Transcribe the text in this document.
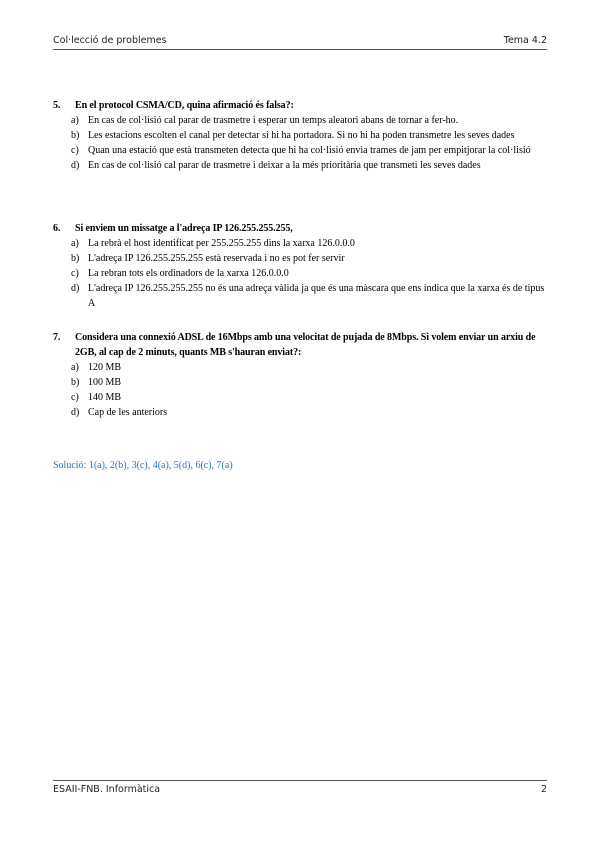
Col·lecció de problemes	Tema 4.2
5.	En el protocol CSMA/CD, quina afirmació és falsa?:
a) En cas de col·lisió cal parar de trasmetre i esperar un temps aleatori abans de tornar a fer-ho.
b) Les estacions escolten el canal per detectar si hi ha portadora. Si no hi ha poden transmetre les seves dades
c) Quan una estació que està transmeten detecta que hi ha col·lisió envia trames de jam per empitjorar la col·lisió
d) En cas de col·lisió cal parar de trasmetre i deixar a la més prioritària que transmeti les seves dades
6.	Si enviem un missatge a l'adreça IP 126.255.255.255,
a) La rebrà el host identificat per 255.255.255 dins la xarxa 126.0.0.0
b) L'adreça IP 126.255.255.255 està reservada i no es pot fer servir
c) La rebran tots els ordinadors de la xarxa 126.0.0.0
d) L'adreça IP 126.255.255.255 no és una adreça vàlida ja que és una màscara que ens indica que la xarxa és de tipus A
7.	Considera una connexió ADSL de 16Mbps amb una velocitat de pujada de 8Mbps. Si volem enviar un arxiu de 2GB, al cap de 2 minuts, quants MB s'hauran enviat?:
a) 120 MB
b) 100 MB
c) 140 MB
d) Cap de les anteriors
Solució: 1(a), 2(b), 3(c), 4(a), 5(d), 6(c), 7(a)
ESAII-FNB. Informàtica	2
